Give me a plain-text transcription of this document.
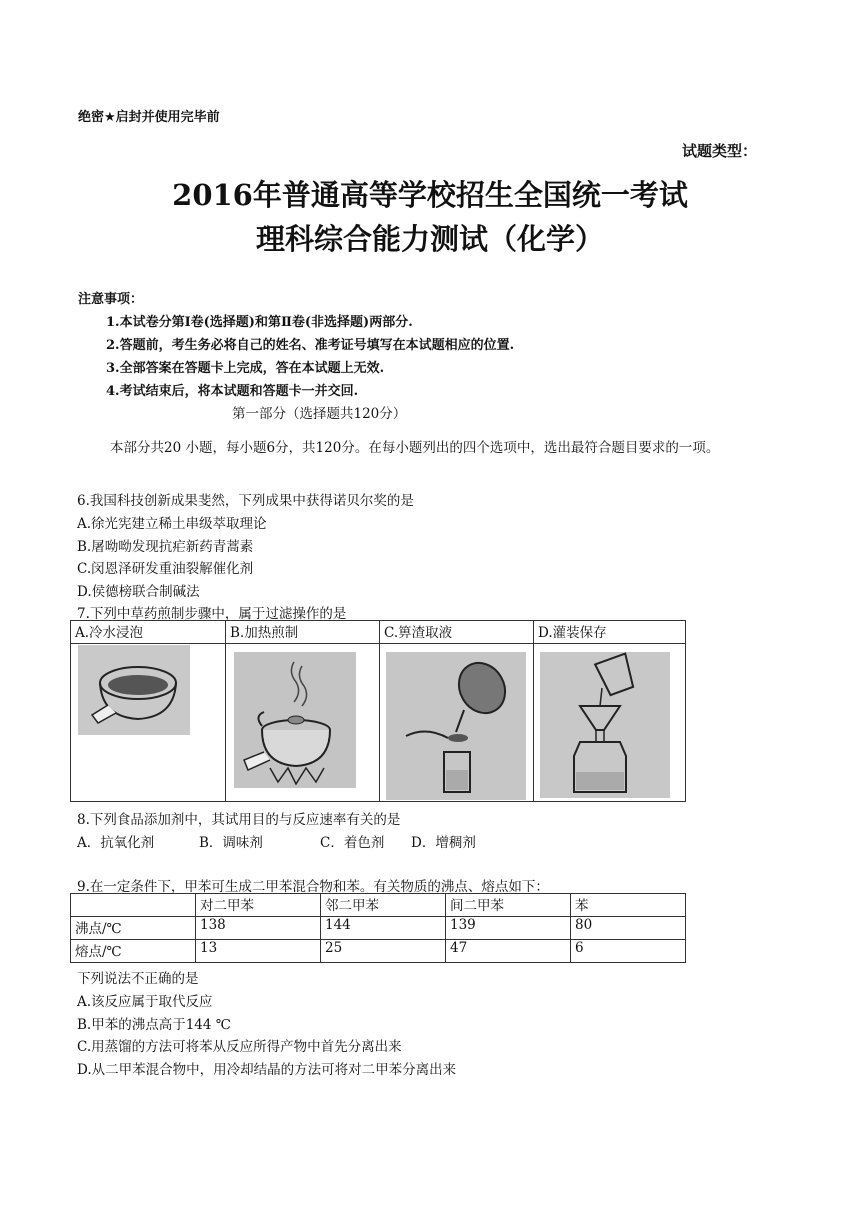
绝密★启封并使用完毕前
试题类型：
2016年普通高等学校招生全国统一考试
理科综合能力测试（化学）
注意事项：
1.本试卷分第Ⅰ卷(选择题)和第Ⅱ卷(非选择题)两部分.
2.答题前，考生务必将自己的姓名、准考证号填写在本试题相应的位置.
3.全部答案在答题卡上完成，答在本试题上无效.
4.考试结束后，将本试题和答题卡一并交回.
第一部分（选择题共120分）
本部分共20 小题，每小题6分，共120分。在每小题列出的四个选项中，选出最符合题目要求的一项。
6.我国科技创新成果斐然，下列成果中获得诺贝尔奖的是
A.徐光宪建立稀土串级萃取理论
B.屠呦呦发现抗疟新药青蒿素
C.闵恩泽研发重油裂解催化剂
D.侯德榜联合制碱法
7.下列中草药煎制步骤中，属于过滤操作的是
A.冷水浸泡	B.加热煎制	C.箅渣取液	D.灌装保存

8.下列食品添加剂中，其试用目的与反应速率有关的是
A．抗氧化剂	B．调味剂	C．着色剂 D．增稠剂
9.在一定条件下，甲苯可生成二甲苯混合物和苯。有关物质的沸点、熔点如下：
	对二甲苯	邻二甲苯	间二甲苯	苯
沸点/℃	138	144	139	80
熔点/℃	13	25	47	6
下列说法不正确的是
A.该反应属于取代反应
B.甲苯的沸点高于144 ℃
C.用蒸馏的方法可将苯从反应所得产物中首先分离出来
D.从二甲苯混合物中，用冷却结晶的方法可将对二甲苯分离出来
